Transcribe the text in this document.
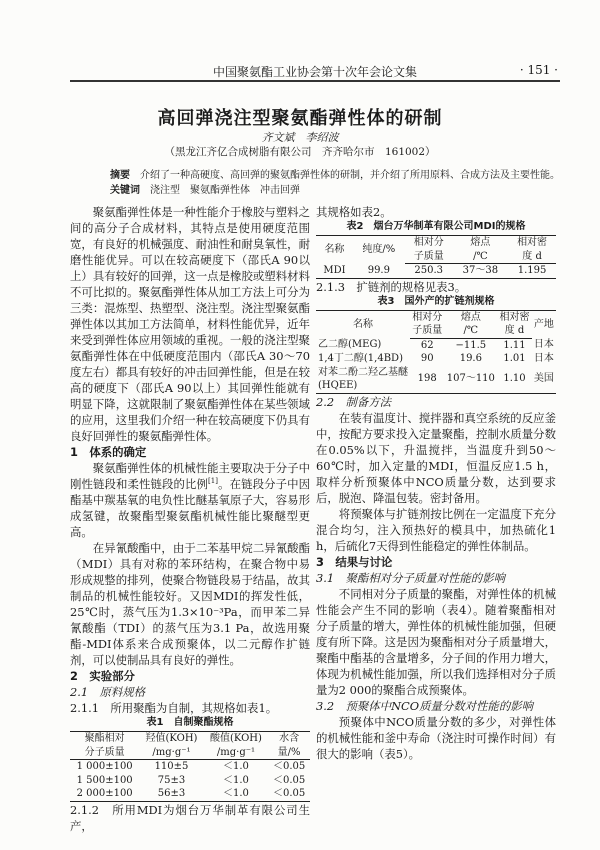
中国聚氨酯工业协会第十次年会论文集	· 151 ·
高回弹浇注型聚氨酯弹性体的研制
齐文斌　李绍波
（黑龙江齐亿合成树脂有限公司　齐齐哈尔市　161002）
摘要 介绍了一种高硬度、高回弹的聚氨酯弹性体的研制，并介绍了所用原料、合成方法及主要性能。
关键词 浇注型　聚氨酯弹性体　冲击回弹

聚氨酯弹性体是一种性能介于橡胶与塑料之间的高分子合成材料，其特点是使用硬度范围宽，有良好的机械强度、耐油性和耐臭氧性，耐磨性能优异。可以在较高硬度下（邵氏A 90以上）具有较好的回弹，这一点是橡胶或塑料材料不可比拟的。聚氨酯弹性体从加工方法上可分为三类：混炼型、热塑型、浇注型。浇注型聚氨酯弹性体以其加工方法简单，材料性能优异，近年来受到弹性体应用领域的重视。一般的浇注型聚氨酯弹性体在中低硬度范围内（邵氏A 30～70度左右）都具有较好的冲击回弹性能，但是在较高的硬度下（邵氏A 90以上）其回弹性能就有明显下降，这就限制了聚氨酯弹性体在某些领域的应用，这里我们介绍一种在较高硬度下仍具有良好回弹性的聚氨酯弹性体。

1　体系的确定

聚氨酯弹性体的机械性能主要取决于分子中刚性链段和柔性链段的比例[1]。在链段分子中因酯基中羰基氧的电负性比醚基氧原子大，容易形成氢键，故聚酯型聚氨酯机械性能比聚醚型更高。

在异氰酸酯中，由于二苯基甲烷二异氰酸酯（MDI）具有对称的苯环结构，在聚合物中易形成规整的排列，使聚合物链段易于结晶，故其制品的机械性能较好。又因MDI的挥发性低，25℃时，蒸气压为1.3×10⁻³Pa，而甲苯二异氰酸酯（TDI）的蒸气压为3.1 Pa，故选用聚酯-MDI体系来合成预聚体，以二元醇作扩链剂，可以使制品具有良好的弹性。

2　实验部分
2.1　原料规格
2.1.1　所用聚酯为自制，其规格如表1。
表1　自制聚酯规格
聚酯相对	羟值(KOH)	酸值(KOH)	水含
分子质量	/mg·g⁻¹	/mg·g⁻¹	量/%
1 000±100	110±5	＜1.0	＜0.05
1 500±100	75±3	＜1.0	＜0.05
2 000±100	56±3	＜1.0	＜0.05
2.1.2　所用MDI为烟台万华制革有限公司生产，
其规格如表2。
表2　烟台万华制革有限公司MDI的规格
名称	纯度/%	相对分	熔点	相对密
		子质量	/℃	度 d
MDI	99.9	250.3	37～38	1.195
2.1.3　扩链剂的规格见表3。
表3　国外产的扩链剂规格
名称	相对分	熔点	相对密	产地
	子质量	/℃	度 d	
乙二醇(MEG)	62	−11.5	1.11	日本
1,4丁二醇(1,4BD)	90	19.6	1.01	日本
对苯二酚二羟乙基醚(HQEE)	198	107～110	1.10	美国
2.2　制备方法

在装有温度计、搅拌器和真空系统的反应釜中，按配方要求投入定量聚酯，控制水质量分数在0.05%以下，升温搅拌，当温度升到50～60℃时，加入定量的MDI，恒温反应1.5 h，取样分析预聚体中NCO质量分数，达到要求后，脱泡、降温包装。密封备用。

将预聚体与扩链剂按比例在一定温度下充分混合均匀，注入预热好的模具中，加热硫化1 h，后硫化7天得到性能稳定的弹性体制品。

3　结果与讨论
3.1　聚酯相对分子质量对性能的影响

不同相对分子质量的聚酯，对弹性体的机械性能会产生不同的影响（表4）。随着聚酯相对分子质量的增大，弹性体的机械性能加强，但硬度有所下降。这是因为聚酯相对分子质量增大，聚酯中酯基的含量增多，分子间的作用力增大，体现为机械性能加强，所以我们选择相对分子质量为2 000的聚酯合成预聚体。

3.2　预聚体中NCO质量分数对性能的影响

预聚体中NCO质量分数的多少，对弹性体的机械性能和釜中寿命（浇注时可操作时间）有很大的影响（表5）。
